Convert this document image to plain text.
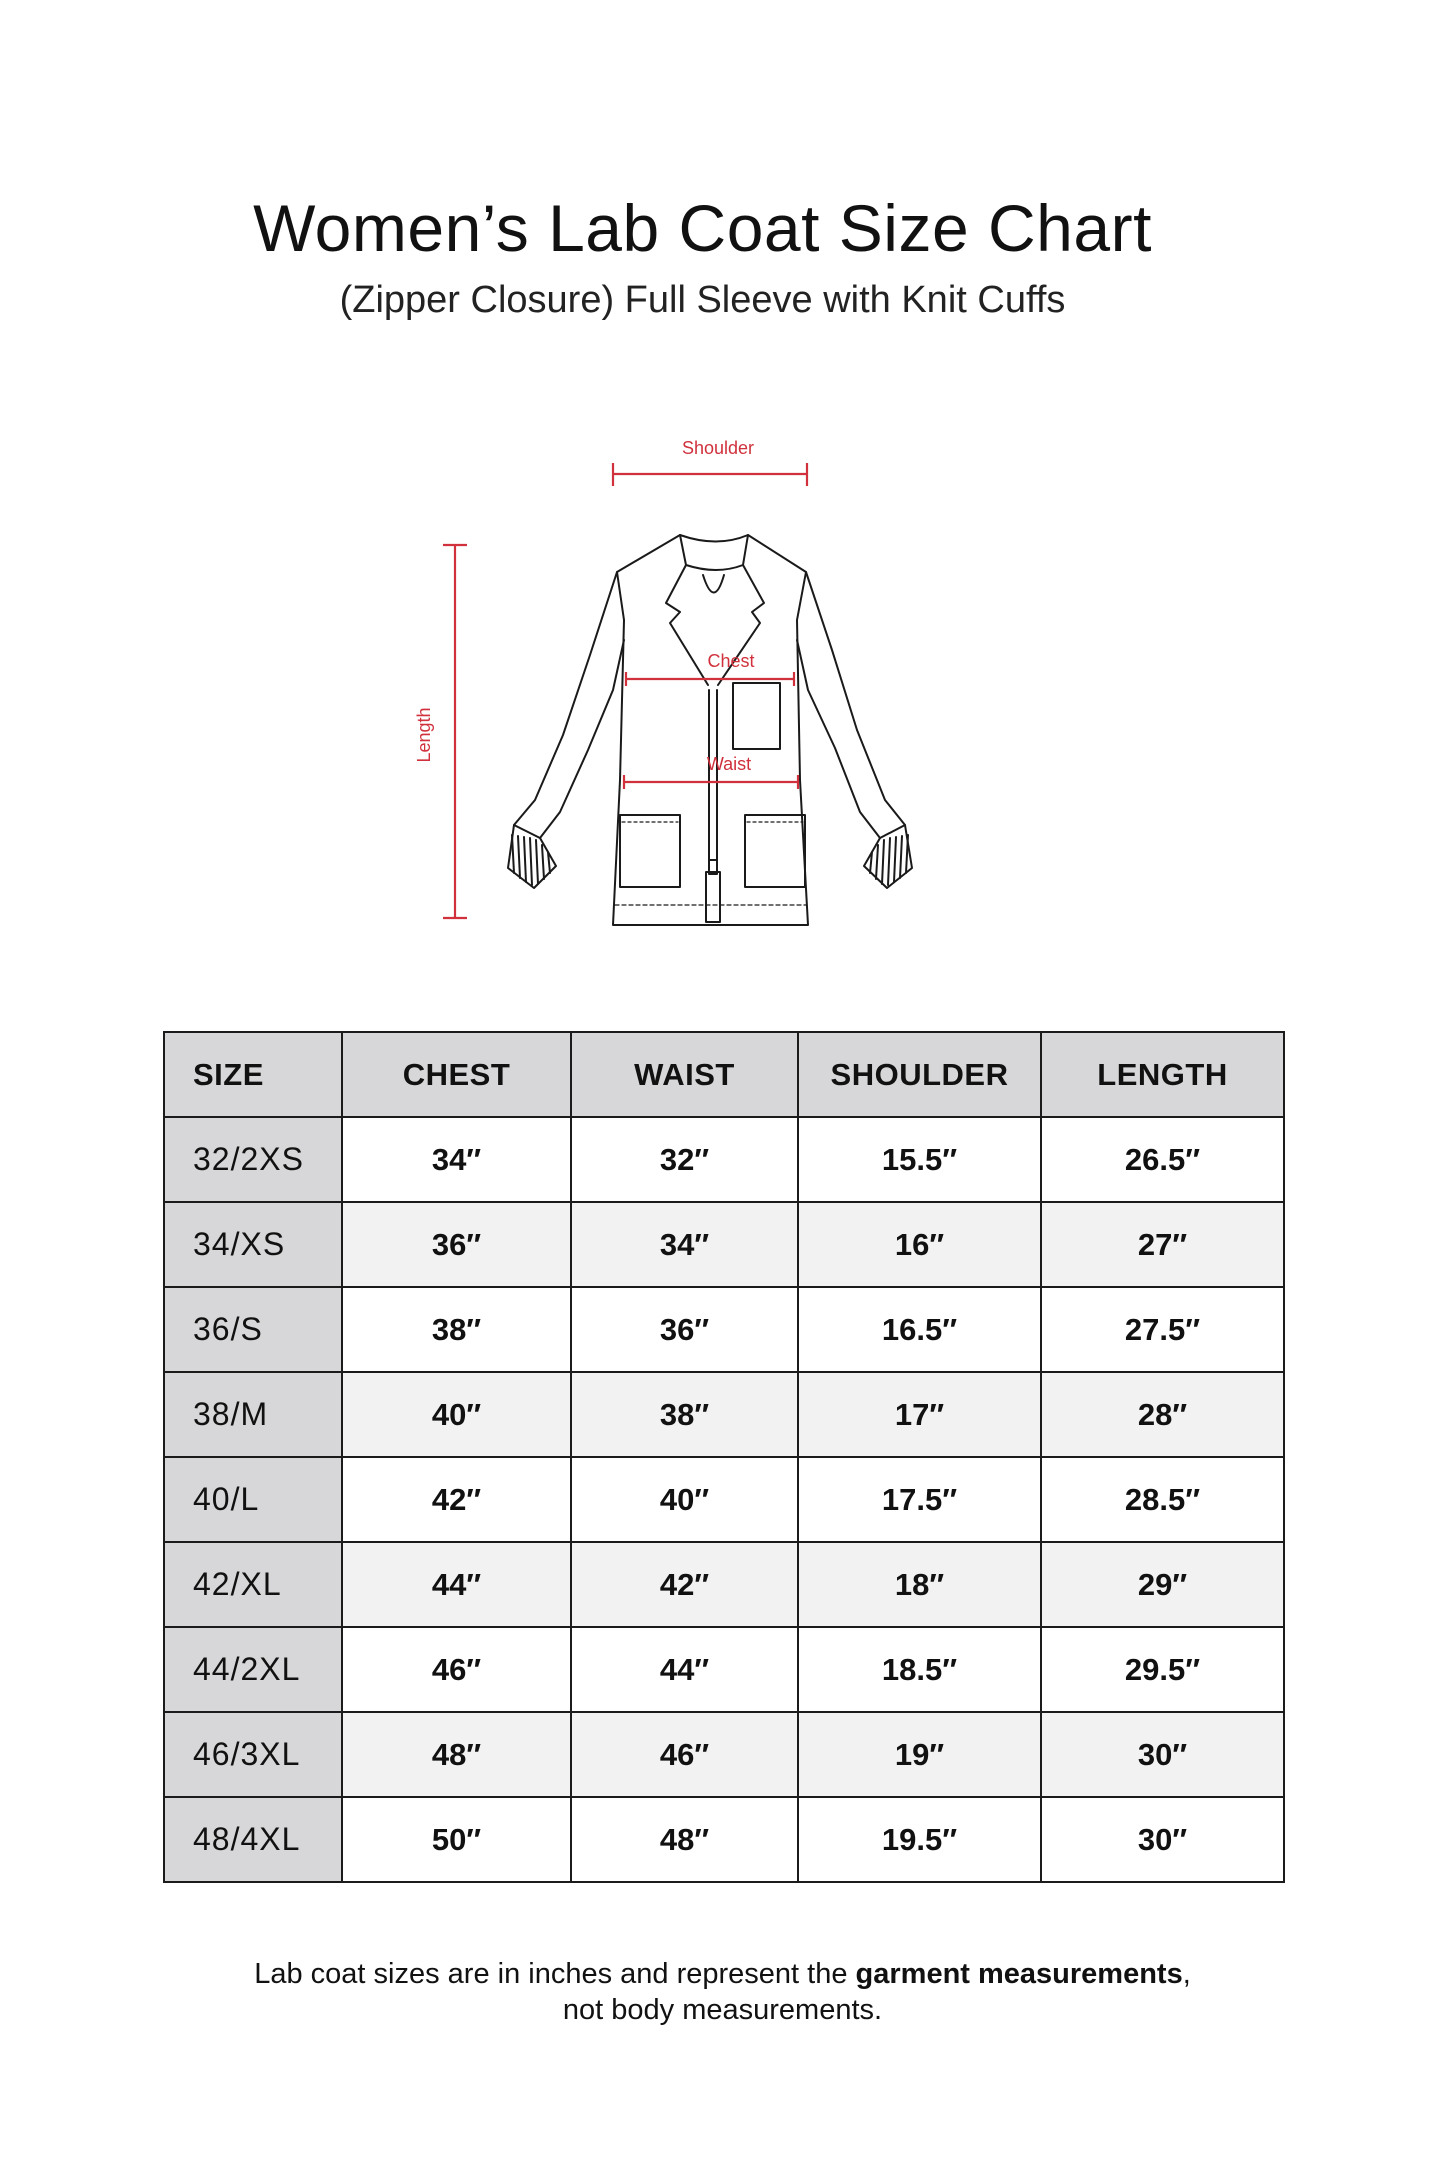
Women’s Lab Coat Size Chart
(Zipper Closure) Full Sleeve with Knit Cuffs
Shoulder
Length
Chest
Waist
SIZE	CHEST	WAIST	SHOULDER	LENGTH
32/2XS	34″	32″	15.5″	26.5″
34/XS	36″	34″	16″	27″
36/S	38″	36″	16.5″	27.5″
38/M	40″	38″	17″	28″
40/L	42″	40″	17.5″	28.5″
42/XL	44″	42″	18″	29″
44/2XL	46″	44″	18.5″	29.5″
46/3XL	48″	46″	19″	30″
48/4XL	50″	48″	19.5″	30″
Lab coat sizes are in inches and represent the garment measurements,
not body measurements.
